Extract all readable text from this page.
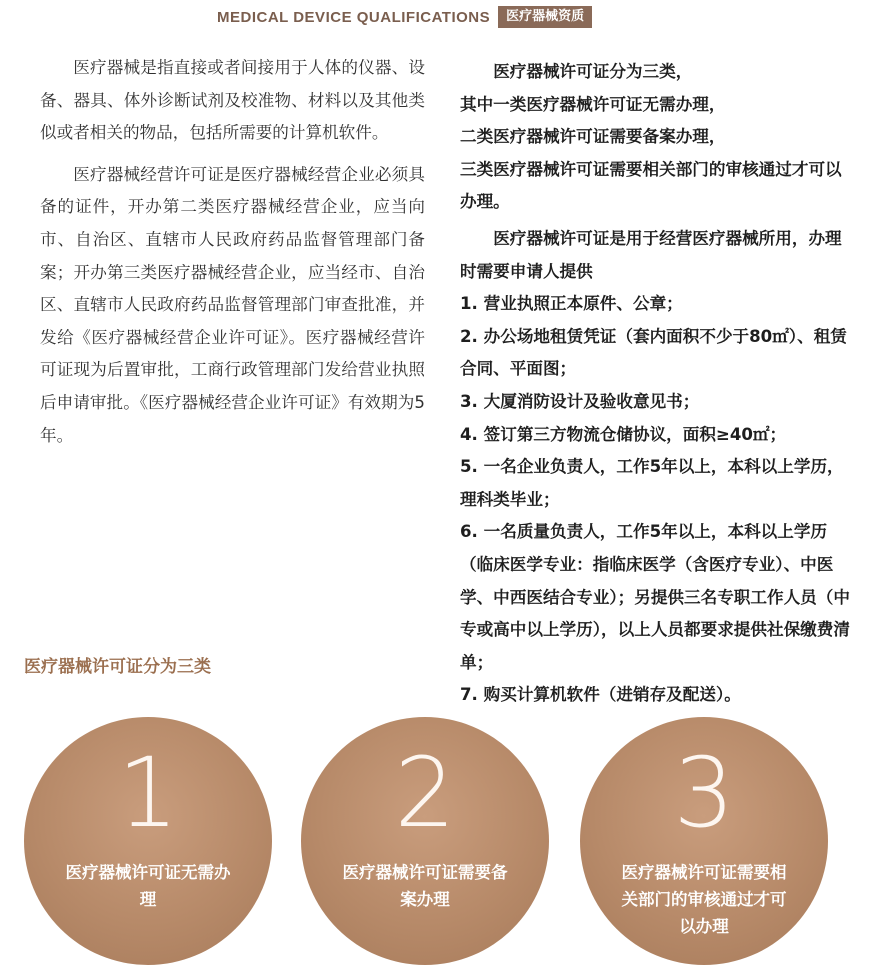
MEDICAL DEVICE QUALIFICATIONS	医疗器械资质

医疗器械是指直接或者间接用于人体的仪器、设备、器具、体外诊断试剂及校准物、材料以及其他类似或者相关的物品，包括所需要的计算机软件。

医疗器械经营许可证是医疗器械经营企业必须具备的证件，开办第二类医疗器械经营企业，应当向市、自治区、直辖市人民政府药品监督管理部门备案；开办第三类医疗器械经营企业，应当经市、自治区、直辖市人民政府药品监督管理部门审查批准，并发给《医疗器械经营企业许可证》。医疗器械经营许可证现为后置审批，工商行政管理部门发给营业执照后申请审批。《医疗器械经营企业许可证》有效期为5年。

医疗器械许可证分为三类，

其中一类医疗器械许可证无需办理，

二类医疗器械许可证需要备案办理，

三类医疗器械许可证需要相关部门的审核通过才可以办理。

医疗器械许可证是用于经营医疗器械所用，办理时需要申请人提供

1. 营业执照正本原件、公章；
2. 办公场地租赁凭证（套内面积不少于80㎡）、租赁合同、平面图；
3. 大厦消防设计及验收意见书；
4. 签订第三方物流仓储协议，面积≥40㎡；
5. 一名企业负责人，工作5年以上，本科以上学历，理科类毕业；
6. 一名质量负责人，工作5年以上，本科以上学历（临床医学专业：指临床医学（含医疗专业）、中医学、中西医结合专业）；另提供三名专职工作人员（中专或高中以上学历），以上人员都要求提供社保缴费清单；
7. 购买计算机软件（进销存及配送）。
医疗器械许可证分为三类
1
医疗器械许可证无需办理
2
医疗器械许可证需要备案办理
3
医疗器械许可证需要相关部门的审核通过才可以办理
